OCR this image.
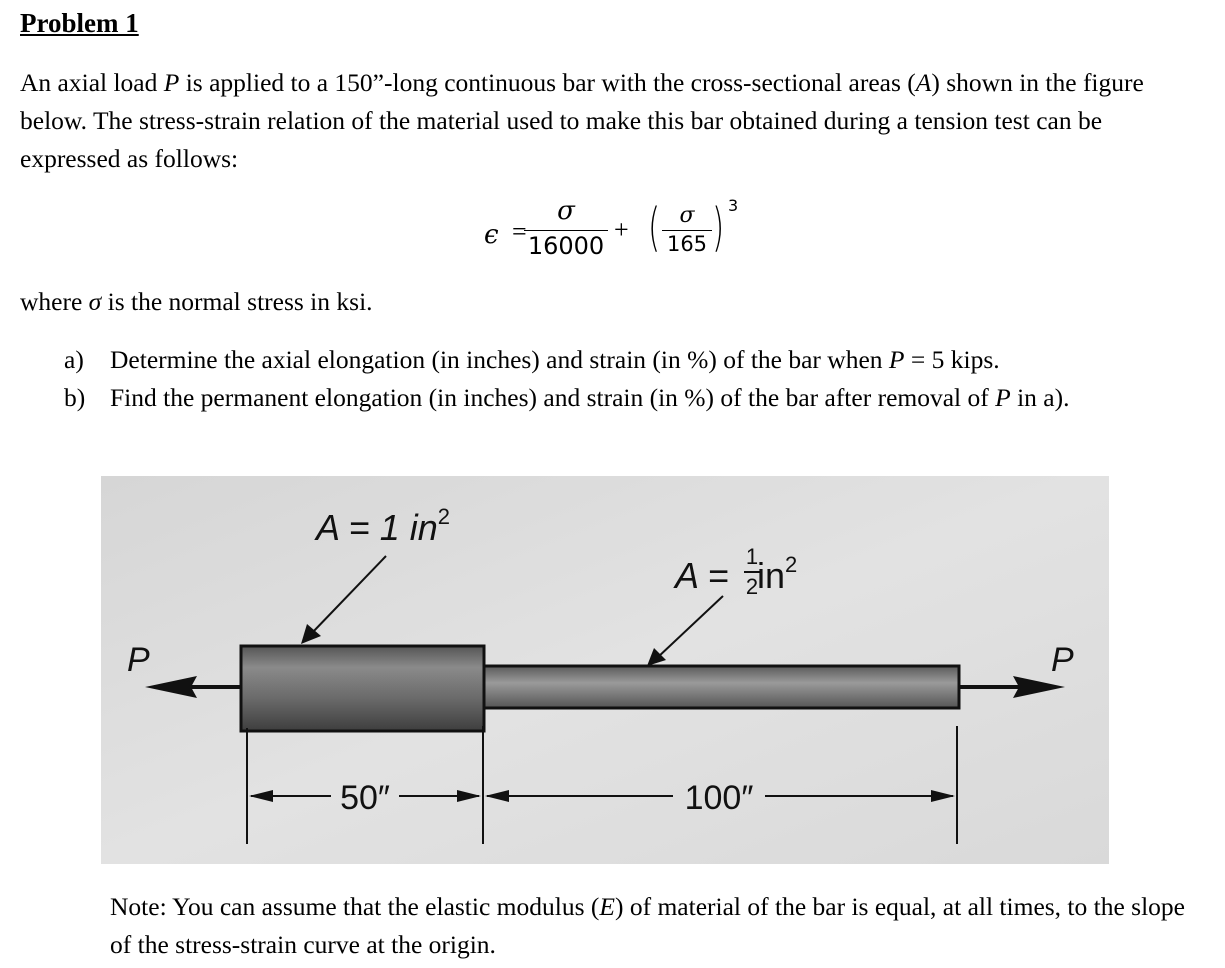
Problem 1
An axial load P is applied to a 150”-long continuous bar with the cross-sectional areas (A) shown in the figure below. The stress-strain relation of the material used to make this bar obtained during a tension test can be expressed as follows:
ϵ =
σ
16000
+ ( σ
165 ) 3
where σ is the normal stress in ksi.
a) Determine the axial elongation (in inches) and strain (in %) of the bar when P = 5 kips.
b) Find the permanent elongation (in inches) and strain (in %) of the bar after removal of P in a).
P	P
A = 1 $in^2$
A = 1
2
$in^2$
50″	100″
Note: You can assume that the elastic modulus (E) of material of the bar is equal, at all times, to the slope of the stress-strain curve at the origin.
